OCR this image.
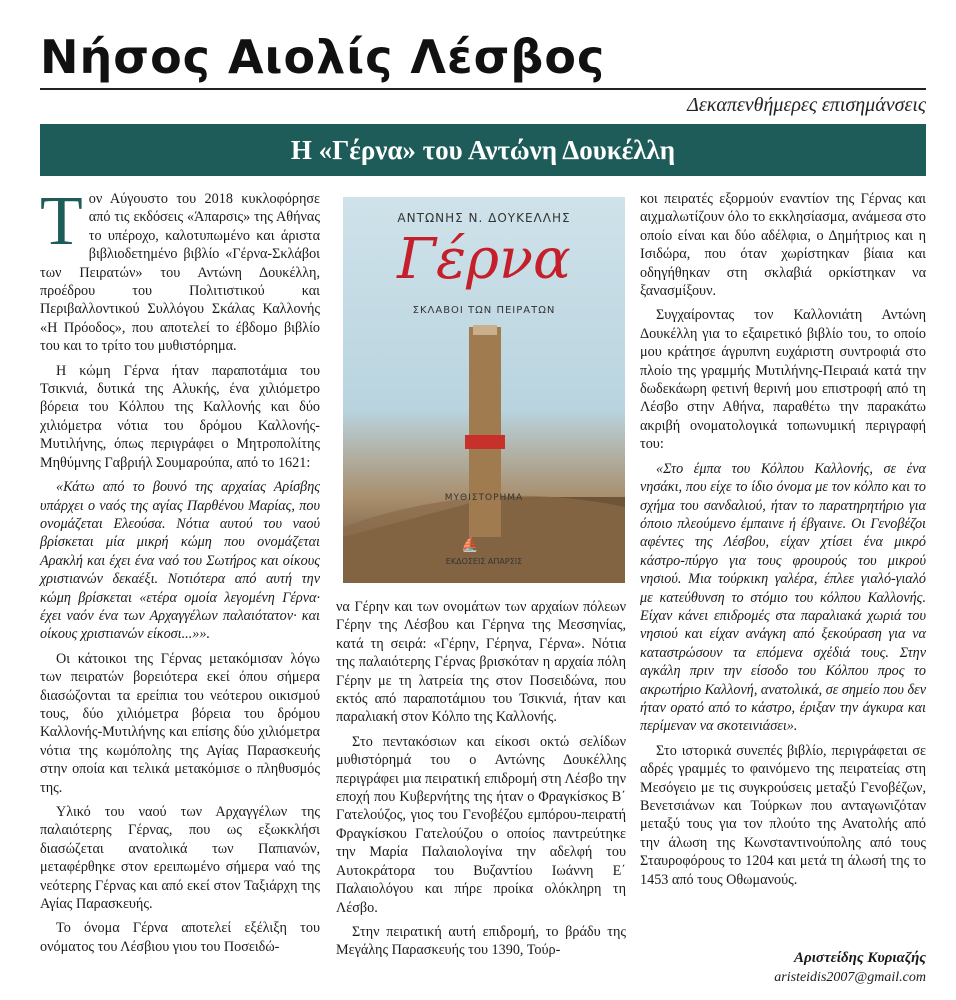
Νήσος Αιολίς Λέσβος
Δεκαπενθήμερες επισημάνσεις
Η «Γέρνα» του Αντώνη Δουκέλλη

Τον Αύγουστο του 2018 κυκλοφόρησε από τις εκδόσεις «Άπαρσις» της Αθήνας το υπέροχο, καλοτυπωμένο και άριστα βιβλιοδετημένο βιβλίο «Γέρνα-Σκλάβοι των Πειρατών» του Αντώνη Δουκέλλη, προέδρου του Πολιτιστικού και Περιβαλλοντικού Συλλόγου Σκάλας Καλλονής «Η Πρόοδος», που αποτελεί το έβδομο βιβλίο του και το τρίτο του μυθιστόρημα.

Η κώμη Γέρνα ήταν παραποτάμια του Τσικνιά, δυτικά της Αλυκής, ένα χιλιόμετρο βόρεια του Κόλπου της Καλλονής και δύο χιλιόμετρα νότια του δρόμου Καλλονής-Μυτιλήνης, όπως περιγράφει ο Μητροπολίτης Μηθύμνης Γαβριήλ Σουμαρούπα, από το 1621:

«Κάτω από το βουνό της αρχαίας Αρίσβης υπάρχει ο ναός της αγίας Παρθένου Μαρίας, που ονομάζεται Ελεούσα. Νότια αυτού του ναού βρίσκεται μία μικρή κώμη που ονομάζεται Αρακλή και έχει ένα ναό του Σωτήρος και οίκους χριστιανών δεκαέξι. Νοτιότερα από αυτή την κώμη βρίσκεται «ετέρα ομοία λεγομένη Γέρνα· έχει ναόν ένα των Αρχαγγέλων παλαιότατον· και οίκους χριστιανών είκοσι...»».

Οι κάτοικοι της Γέρνας μετακόμισαν λόγω των πειρατών βορειότερα εκεί όπου σήμερα διασώζονται τα ερείπια του νεότερου οικισμού τους, δύο χιλιόμετρα βόρεια του δρόμου Καλλονής-Μυτιλήνης και επίσης δύο χιλιόμετρα νότια της κωμόπολης της Αγίας Παρασκευής στην οποία και τελικά μετακόμισε ο πληθυσμός της.

Υλικό του ναού των Αρχαγγέλων της παλαιότερης Γέρνας, που ως εξωκκλήσι διασώζεται ανατολικά των Παπιανών, μεταφέρθηκε στον ερειπωμένο σήμερα ναό της νεότερης Γέρνας και από εκεί στον Ταξιάρχη της Αγίας Παρασκευής.

Το όνομα Γέρνα αποτελεί εξέλιξη του ονόματος του Λέσβιου γιου του Ποσειδώ-

ΑΝΤΩΝΗΣ Ν. ΔΟΥΚΕΛΛΗΣ
Γέρνα
ΣΚΛΑΒΟΙ ΤΩΝ ΠΕΙΡΑΤΩΝ
ΜΥΘΙΣΤΟΡΗΜΑ
⛵
ΕΚΔΟΣΕΙΣ ΑΠΑΡΣΙΣ

να Γέρην και των ονομάτων των αρχαίων πόλεων Γέρην της Λέσβου και Γέρηνα της Μεσσηνίας, κατά τη σειρά: «Γέρην, Γέρηνα, Γέρνα». Νότια της παλαιότερης Γέρνας βρισκόταν η αρχαία πόλη Γέρην με τη λατρεία της στον Ποσειδώνα, που εκτός από παραποτάμιου του Τσικνιά, ήταν και παραλιακή στον Κόλπο της Καλλονής.

Στο πεντακόσιων και είκοσι οκτώ σελίδων μυθιστόρημά του ο Αντώνης Δουκέλλης περιγράφει μια πειρατική επιδρομή στη Λέσβο την εποχή που Κυβερνήτης της ήταν ο Φραγκίσκος Β΄ Γατελούζος, γιος του Γενοβέζου εμπόρου-πειρατή Φραγκίσκου Γατελούζου ο οποίος παντρεύτηκε την Μαρία Παλαιολογίνα την αδελφή του Αυτοκράτορα του Βυζαντίου Ιωάννη Ε΄ Παλαιολόγου και πήρε προίκα ολόκληρη τη Λέσβο.

Στην πειρατική αυτή επιδρομή, το βράδυ της Μεγάλης Παρασκευής του 1390, Τούρ-

κοι πειρατές εξορμούν εναντίον της Γέρνας και αιχμαλωτίζουν όλο το εκκλησίασμα, ανάμεσα στο οποίο είναι και δύο αδέλφια, ο Δημήτριος και η Ισιδώρα, που όταν χωρίστηκαν βίαια και οδηγήθηκαν στη σκλαβιά ορκίστηκαν να ξανασμίξουν.

Συγχαίροντας τον Καλλονιάτη Αντώνη Δουκέλλη για το εξαιρετικό βιβλίο του, το οποίο μου κράτησε άγρυπνη ευχάριστη συντροφιά στο πλοίο της γραμμής Μυτιλήνης-Πειραιά κατά την δωδεκάωρη φετινή θερινή μου επιστροφή από τη Λέσβο στην Αθήνα, παραθέτω την παρακάτω ακριβή ονοματολογικά τοπωνυμική περιγραφή του:

«Στο έμπα του Κόλπου Καλλονής, σε ένα νησάκι, που είχε το ίδιο όνομα με τον κόλπο και το σχήμα του σανδαλιού, ήταν το παρατηρητήριο για όποιο πλεούμενο έμπαινε ή έβγαινε. Οι Γενοβέζοι αφέντες της Λέσβου, είχαν χτίσει ένα μικρό κάστρο-πύργο για τους φρουρούς του μικρού νησιού. Μια τούρκικη γαλέρα, έπλεε γιαλό-γιαλό με κατεύθυνση το στόμιο του κόλπου Καλλονής. Είχαν κάνει επιδρομές στα παραλιακά χωριά του νησιού και είχαν ανάγκη από ξεκούραση για να καταστρώσουν τα επόμενα σχέδιά τους. Στην αγκάλη πριν την είσοδο του Κόλπου προς το ακρωτήριο Καλλονή, ανατολικά, σε σημείο που δεν ήταν ορατό από το κάστρο, έριξαν την άγκυρα και περίμεναν να σκοτεινιάσει».

Στο ιστορικά συνεπές βιβλίο, περιγράφεται σε αδρές γραμμές το φαινόμενο της πειρατείας στη Μεσόγειο με τις συγκρούσεις μεταξύ Γενοβέζων, Βενετσιάνων και Τούρκων που ανταγωνιζόταν μεταξύ τους για τον πλούτο της Ανατολής από την άλωση της Κωνσταντινούπολης από τους Σταυροφόρους το 1204 και μετά τη άλωσή της το 1453 από τους Οθωμανούς.

Αριστείδης Κυριαζής
aristeidis2007@gmail.com
